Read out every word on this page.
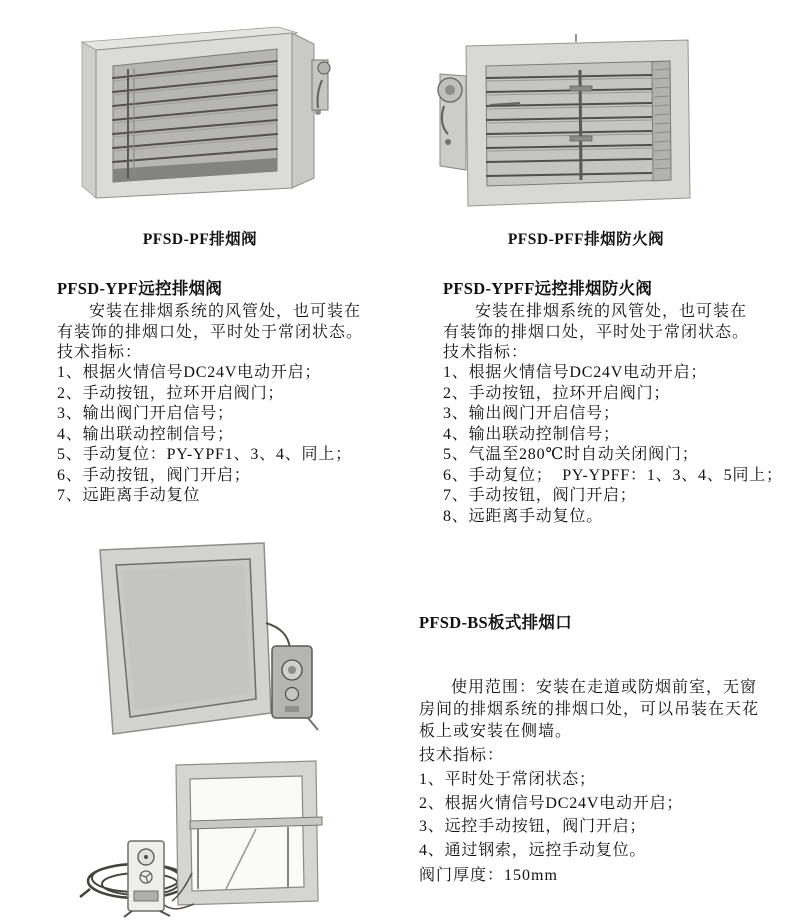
PFSD-PF排烟阀	PFSD-PFF排烟防火阀
PFSD-YPF远控排烟阀
安装在排烟系统的风管处，也可装在
有装饰的排烟口处，平时处于常闭状态。
技术指标：
1、根据火情信号DC24V电动开启；
2、手动按钮，拉环开启阀门；
3、输出阀门开启信号；
4、输出联动控制信号；
5、手动复位：PY-YPF1、3、4、同上；
6、手动按钮，阀门开启；
7、远距离手动复位
PFSD-YPFF远控排烟防火阀
安装在排烟系统的风管处，也可装在
有装饰的排烟口处，平时处于常闭状态。
技术指标：
1、根据火情信号DC24V电动开启；
2、手动按钮，拉环开启阀门；
3、输出阀门开启信号；
4、输出联动控制信号；
5、气温至280℃时自动关闭阀门；
6、手动复位；  PY-YPFF：1、3、4、5同上；
7、手动按钮，阀门开启；
8、远距离手动复位。
PFSD-BS板式排烟口
使用范围：安装在走道或防烟前室，无窗
房间的排烟系统的排烟口处，可以吊装在天花
板上或安装在侧墙。
技术指标：
1、平时处于常闭状态；
2、根据火情信号DC24V电动开启；
3、远控手动按钮，阀门开启；
4、通过钢索，远控手动复位。
阀门厚度：150mm
